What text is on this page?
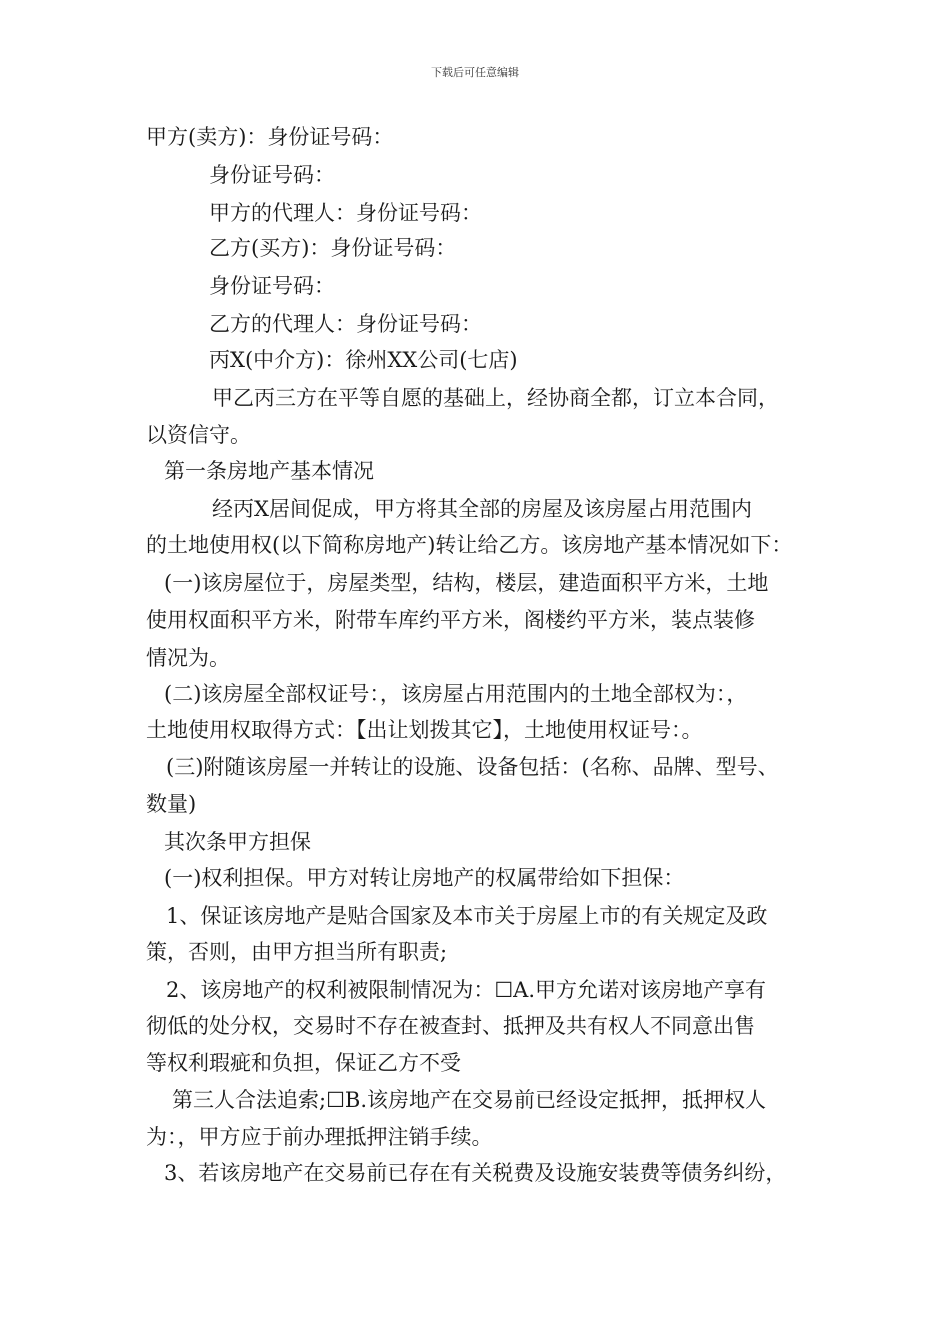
下载后可任意编辑
甲方(卖方)：身份证号码：
身份证号码：
甲方的代理人：身份证号码：
乙方(买方)：身份证号码：
身份证号码：
乙方的代理人：身份证号码：
丙X(中介方)：徐州XX公司(七店)
甲乙丙三方在平等自愿的基础上，经协商全都，订立本合同，
以资信守。
第一条房地产基本情况
经丙X居间促成，甲方将其全部的房屋及该房屋占用范围内
的土地使用权(以下简称房地产)转让给乙方。该房地产基本情况如下：
(一)该房屋位于，房屋类型，结构，楼层，建造面积平方米，土地
使用权面积平方米，附带车库约平方米，阁楼约平方米，装点装修
情况为。
(二)该房屋全部权证号：，该房屋占用范围内的土地全部权为：，
土地使用权取得方式：【出让划拨其它】，土地使用权证号：。
(三)附随该房屋一并转让的设施、设备包括：(名称、品牌、型号、
数量)
其次条甲方担保
(一)权利担保。甲方对转让房地产的权属带给如下担保：
1、保证该房地产是贴合国家及本市关于房屋上市的有关规定及政
策，否则，由甲方担当所有职责;
2、该房地产的权利被限制情况为：☐A.甲方允诺对该房地产享有
彻低的处分权，交易时不存在被查封、抵押及共有权人不同意出售
等权利瑕疵和负担，保证乙方不受
第三人合法追索;☐B.该房地产在交易前已经设定抵押，抵押权人
为：，甲方应于前办理抵押注销手续。
3、若该房地产在交易前已存在有关税费及设施安装费等债务纠纷，
